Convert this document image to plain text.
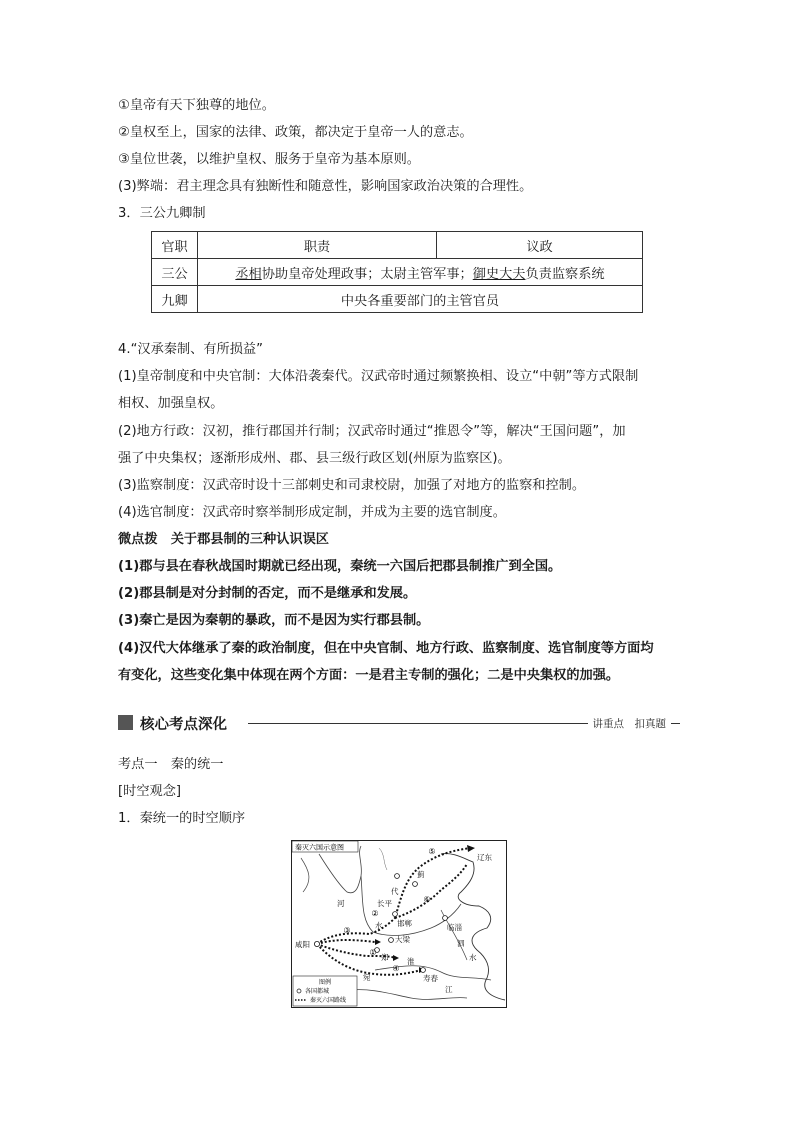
①皇帝有天下独尊的地位。
②皇权至上，国家的法律、政策，都决定于皇帝一人的意志。
③皇位世袭，以维护皇权、服务于皇帝为基本原则。
(3)弊端：君主理念具有独断性和随意性，影响国家政治决策的合理性。
3．三公九卿制
官职	职责	议政
三公	丞相协助皇帝处理政事；太尉主管军事；御史大夫负责监察系统	
九卿	中央各重要部门的主管官员	
4.“汉承秦制、有所损益”
(1)皇帝制度和中央官制：大体沿袭秦代。汉武帝时通过频繁换相、设立“中朝”等方式限制
相权、加强皇权。
(2)地方行政：汉初，推行郡国并行制；汉武帝时通过“推恩令”等，解决“王国问题”，加
强了中央集权；逐渐形成州、郡、县三级行政区划(州原为监察区)。
(3)监察制度：汉武帝时设十三部刺史和司隶校尉，加强了对地方的监察和控制。
(4)选官制度：汉武帝时察举制形成定制，并成为主要的选官制度。
微点拨　关于郡县制的三种认识误区
(1)郡与县在春秋战国时期就已经出现，秦统一六国后把郡县制推广到全国。
(2)郡县制是对分封制的否定，而不是继承和发展。
(3)秦亡是因为秦朝的暴政，而不是因为实行郡县制。
(4)汉代大体继承了秦的政治制度，但在中央官制、地方行政、监察制度、选官制度等方面均
有变化，这些变化集中体现在两个方面：一是君主专制的强化；二是中央集权的加强。
核心考点深化	讲重点　扣真题
考点一　秦的统一
[时空观念]
1．秦统一的时空顺序
秦灭六国示意图	⑤
②
①
③
④
⑥
辽东
代
蓟
长平
邯郸	临淄
咸阳
大梁
郑
宛	寿春
河
水
淮
泗
水
江
图例
各国都城
秦灭六国路线
